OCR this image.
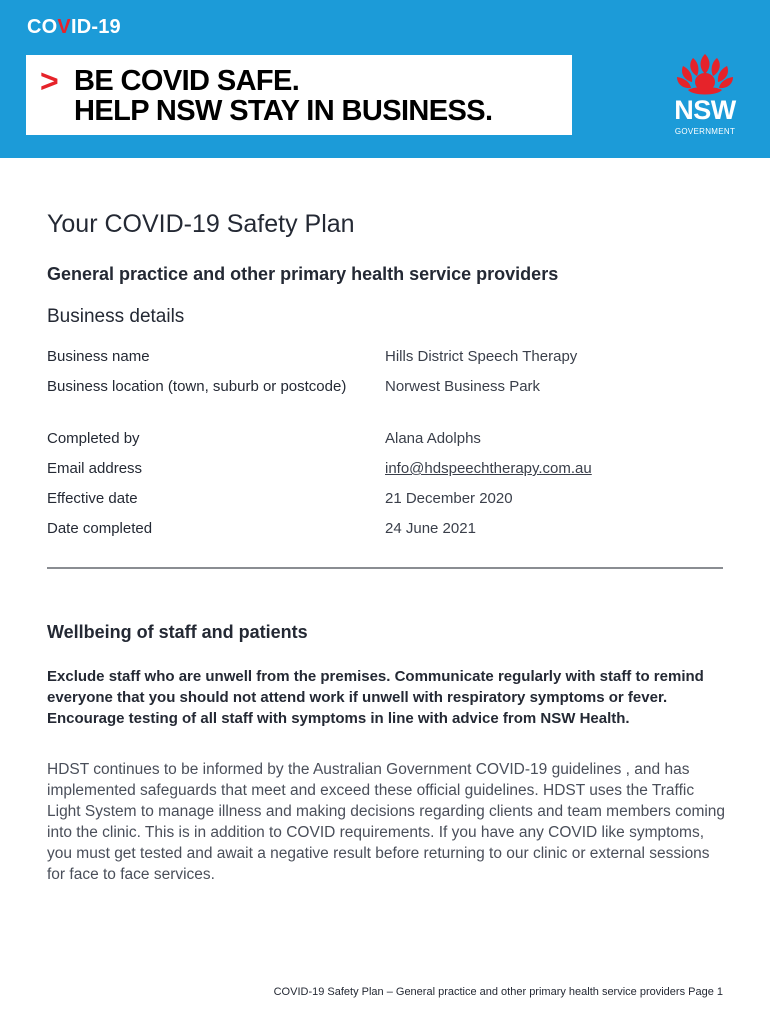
COVID-19
> BE COVID SAFE.
HELP NSW STAY IN BUSINESS.	NSW
GOVERNMENT
Your COVID-19 Safety Plan
General practice and other primary health service providers
Business details
Business name	Hills District Speech Therapy
Business location (town, suburb or postcode)	Norwest Business Park
Completed by	Alana Adolphs
Email address	info@hdspeechtherapy.com.au
Effective date	21 December 2020
Date completed	24 June 2021
Wellbeing of staff and patients

Exclude staff who are unwell from the premises. Communicate regularly with staff to remind everyone that you should not attend work if unwell with respiratory symptoms or fever. Encourage testing of all staff with symptoms in line with advice from NSW Health.

HDST continues to be informed by the Australian Government COVID-19 guidelines , and has implemented safeguards that meet and exceed these official guidelines. HDST uses the Traffic Light System to manage illness and making decisions regarding clients and team members coming into the clinic. This is in addition to COVID requirements. If you have any COVID like symptoms, you must get tested and await a negative result before returning to our clinic or external sessions for face to face services.

COVID-19 Safety Plan – General practice and other primary health service providers Page 1
